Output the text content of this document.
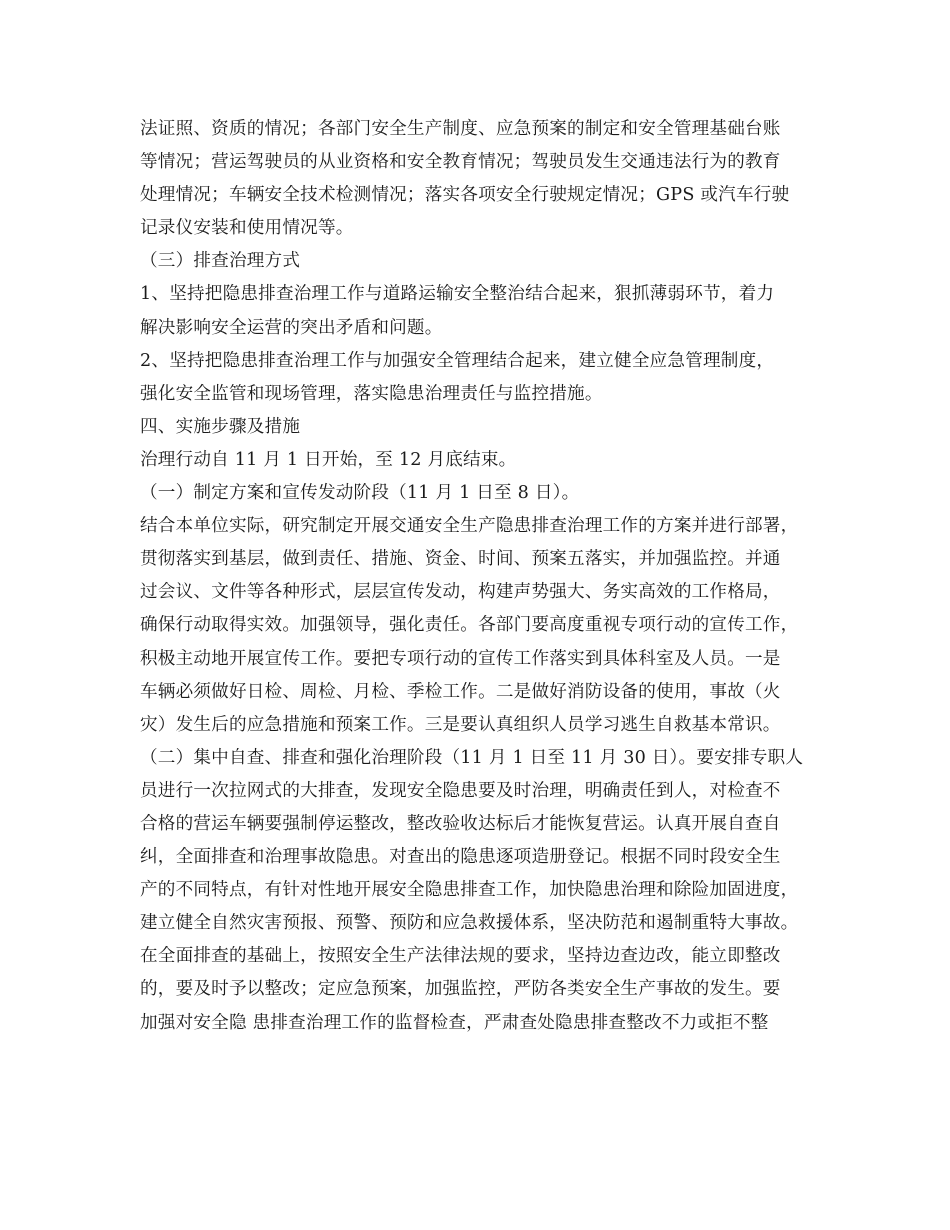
法证照、资质的情况；各部门安全生产制度、应急预案的制定和安全管理基础台账
等情况；营运驾驶员的从业资格和安全教育情况；驾驶员发生交通违法行为的教育
处理情况；车辆安全技术检测情况；落实各项安全行驶规定情况；GPS 或汽车行驶
记录仪安装和使用情况等。
（三）排查治理方式
1、坚持把隐患排查治理工作与道路运输安全整治结合起来，狠抓薄弱环节，着力
解决影响安全运营的突出矛盾和问题。
2、坚持把隐患排查治理工作与加强安全管理结合起来，建立健全应急管理制度，
强化安全监管和现场管理，落实隐患治理责任与监控措施。
四、实施步骤及措施
治理行动自 11 月 1 日开始，至 12 月底结束。
（一）制定方案和宣传发动阶段（11 月 1 日至 8 日）。
结合本单位实际，研究制定开展交通安全生产隐患排查治理工作的方案并进行部署，
贯彻落实到基层，做到责任、措施、资金、时间、预案五落实，并加强监控。并通
过会议、文件等各种形式，层层宣传发动，构建声势强大、务实高效的工作格局，
确保行动取得实效。加强领导，强化责任。各部门要高度重视专项行动的宣传工作，
积极主动地开展宣传工作。要把专项行动的宣传工作落实到具体科室及人员。一是
车辆必须做好日检、周检、月检、季检工作。二是做好消防设备的使用，事故（火
灾）发生后的应急措施和预案工作。三是要认真组织人员学习逃生自救基本常识。
（二）集中自查、排查和强化治理阶段（11 月 1 日至 11 月 30 日）。要安排专职人
员进行一次拉网式的大排查，发现安全隐患要及时治理，明确责任到人，对检查不
合格的营运车辆要强制停运整改，整改验收达标后才能恢复营运。认真开展自查自
纠，全面排查和治理事故隐患。对查出的隐患逐项造册登记。根据不同时段安全生
产的不同特点，有针对性地开展安全隐患排查工作，加快隐患治理和除险加固进度，
建立健全自然灾害预报、预警、预防和应急救援体系，坚决防范和遏制重特大事故。
在全面排查的基础上，按照安全生产法律法规的要求，坚持边查边改，能立即整改
的，要及时予以整改；定应急预案，加强监控，严防各类安全生产事故的发生。要
加强对安全隐 患排查治理工作的监督检查，严肃查处隐患排查整改不力或拒不整
